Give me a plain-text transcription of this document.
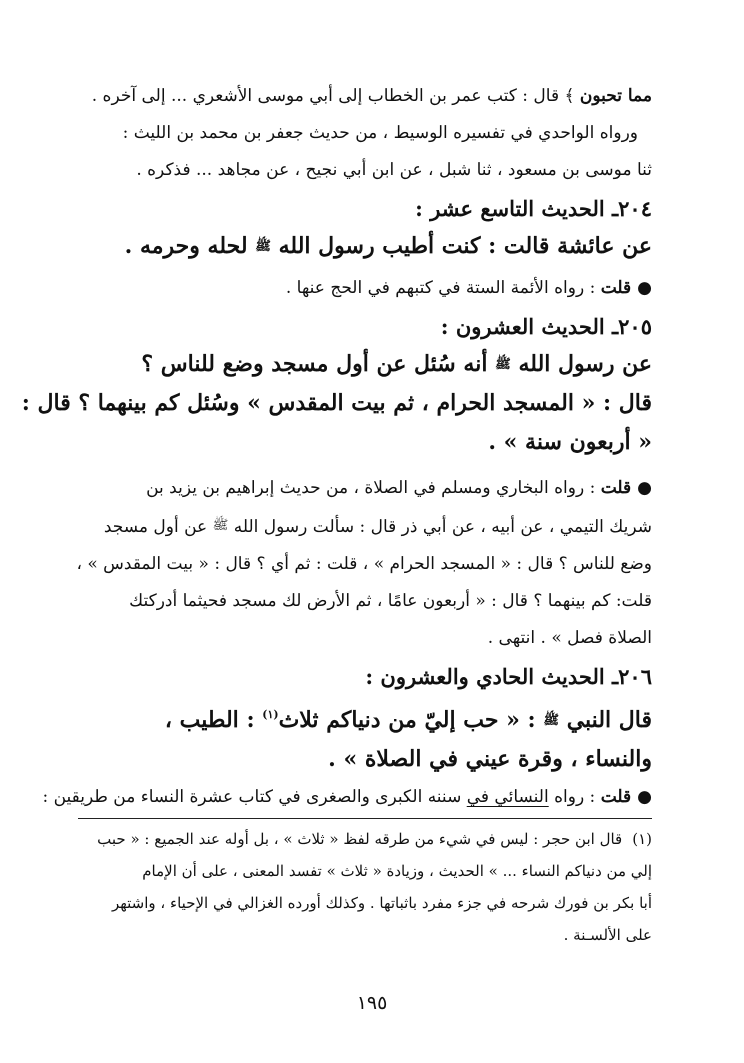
مما تحبون ﴾ قال : كتب عمر بن الخطاب إلى أبي موسى الأشعري ... إلى آخره .

ورواه الواحدي في تفسيره الوسيط ، من حديث جعفر بن محمد بن الليث :

ثنا موسى بن مسعود ، ثنا شبل ، عن ابن أبي نجيح ، عن مجاهد ... فذكره .

٢٠٤ـ الحديث التاسع عشر :

عن عائشة قالت : كنت أطيب رسول الله ﷺ لحله وحرمه .

●قلت : رواه الأئمة الستة في كتبهم في الحج عنها .

٢٠٥ـ الحديث العشرون :

عن رسول الله ﷺ أنه سُئل عن أول مسجد وضع للناس ؟

قال : « المسجد الحرام ، ثم بيت المقدس » وسُئل كم بينهما ؟ قال :

« أربعون سنة » .

●قلت : رواه البخاري ومسلم في الصلاة ، من حديث إبراهيم بن يزيد بن

شريك التيمي ، عن أبيه ، عن أبي ذر قال : سألت رسول الله ﷺ عن أول مسجد

وضع للناس ؟ قال : « المسجد الحرام » ، قلت : ثم أي ؟ قال : « بيت المقدس » ،

قلت: كم بينهما ؟ قال : « أربعون عامًا ، ثم الأرض لك مسجد فحيثما أدركتك

الصلاة فصل » . انتهى .

٢٠٦ـ الحديث الحادي والعشرون :

قال النبي ﷺ : « حب إليّ من دنياكم ثلاث$^{(١)}$ : الطيب ،

والنساء ، وقرة عيني في الصلاة » .

●قلت : رواه النسائي في سننه الكبرى والصغرى في كتاب عشرة النساء من طريقين :

(١)قال ابن حجر : ليس في شيء من طرقه لفظ « ثلاث » ، بل أوله عند الجميع : « حبب

إلي من دنياكم النساء ... » الحديث ، وزيادة « ثلاث » تفسد المعنى ، على أن الإمام

أبا بكر بن فورك شرحه في جزء مفرد باثباتها . وكذلك أورده الغزالي في الإحياء ، واشتهر

على الألسـنة .

١٩٥
